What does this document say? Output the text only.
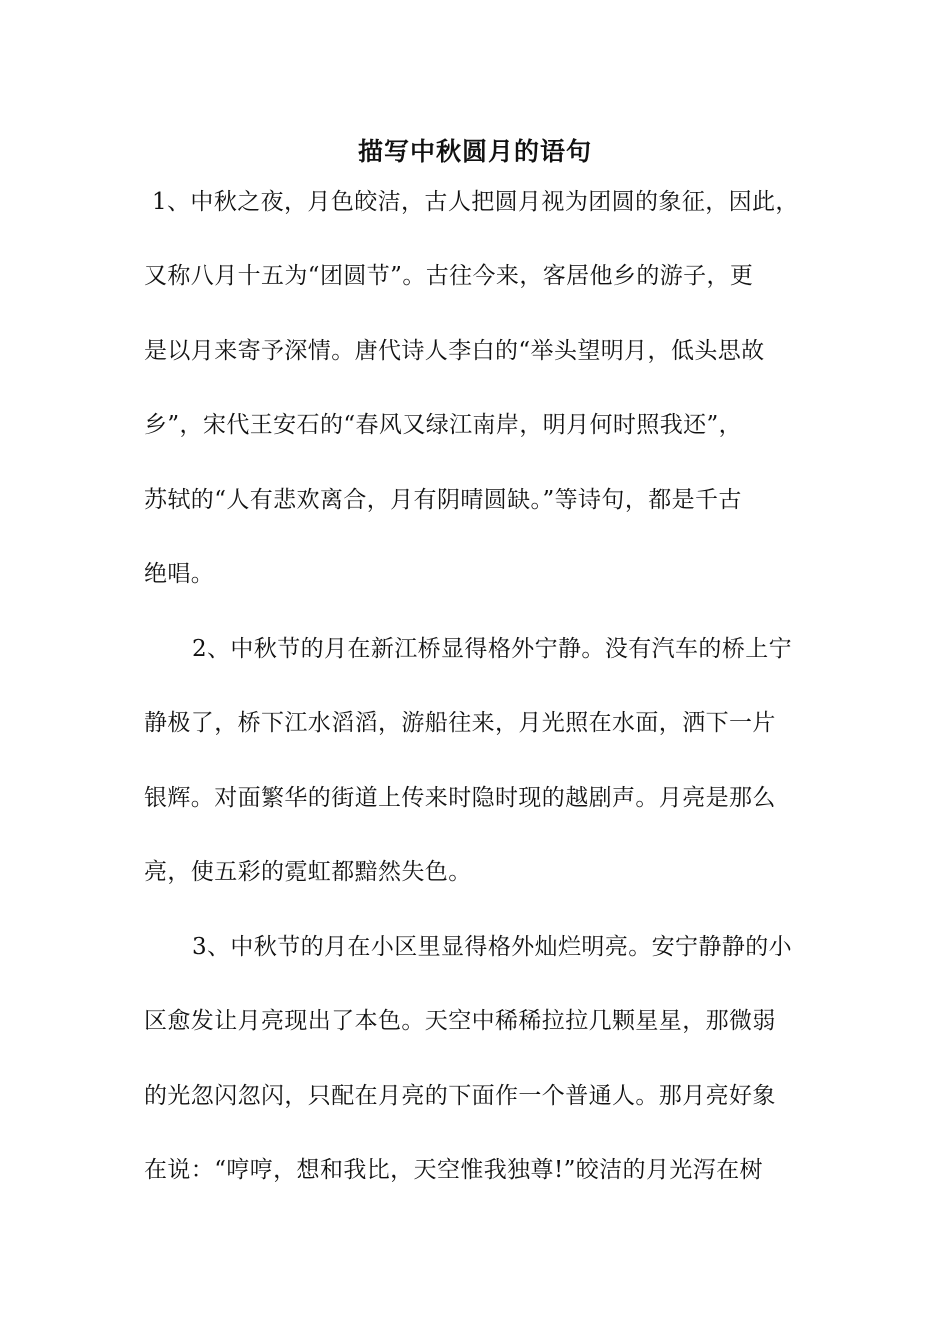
描写中秋圆月的语句
1、中秋之夜，月色皎洁，古人把圆月视为团圆的象征，因此，
又称八月十五为“团圆节”。古往今来，客居他乡的游子，更
是以月来寄予深情。唐代诗人李白的“举头望明月，低头思故
乡”，宋代王安石的“春风又绿江南岸，明月何时照我还”，
苏轼的“人有悲欢离合，月有阴晴圆缺。”等诗句，都是千古
绝唱。
2、中秋节的月在新江桥显得格外宁静。没有汽车的桥上宁
静极了，桥下江水滔滔，游船往来，月光照在水面，洒下一片
银辉。对面繁华的街道上传来时隐时现的越剧声。月亮是那么
亮，使五彩的霓虹都黯然失色。
3、中秋节的月在小区里显得格外灿烂明亮。安宁静静的小
区愈发让月亮现出了本色。天空中稀稀拉拉几颗星星，那微弱
的光忽闪忽闪，只配在月亮的下面作一个普通人。那月亮好象
在说：“哼哼，想和我比，天空惟我独尊!”皎洁的月光泻在树
